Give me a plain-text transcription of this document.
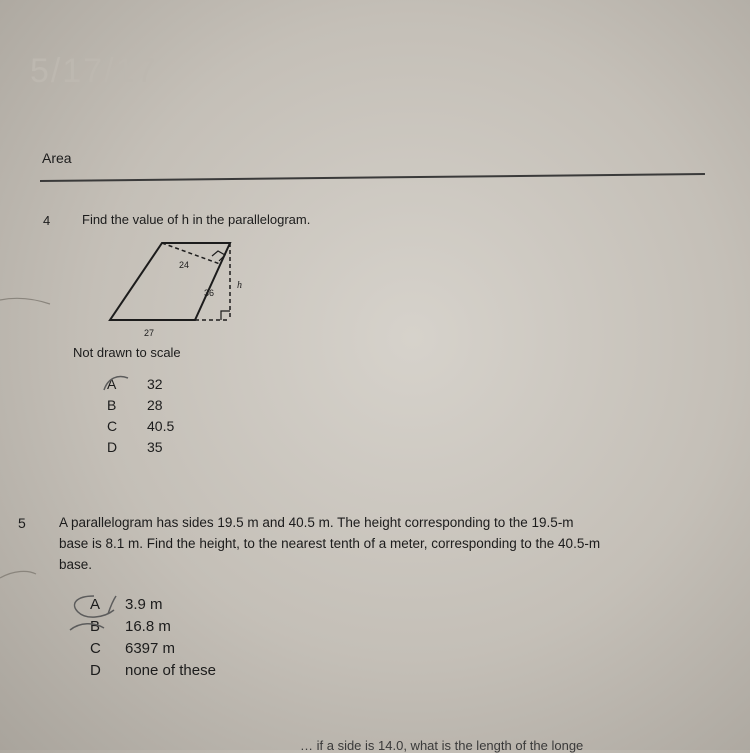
5/17/17
Area
4 Find the value of h in the parallelogram.
24
36
h
27
Not drawn to scale
A 32
B 28
C 40.5
D 35
5 A parallelogram has sides 19.5 m and 40.5 m. The height corresponding to the 19.5-m
base is 8.1 m. Find the height, to the nearest tenth of a meter, corresponding to the 40.5-m
base.
A 3.9 m
B 16.8 m
C 6397 m
D none of these
… if a side is 14.0, what is the length of the longe
